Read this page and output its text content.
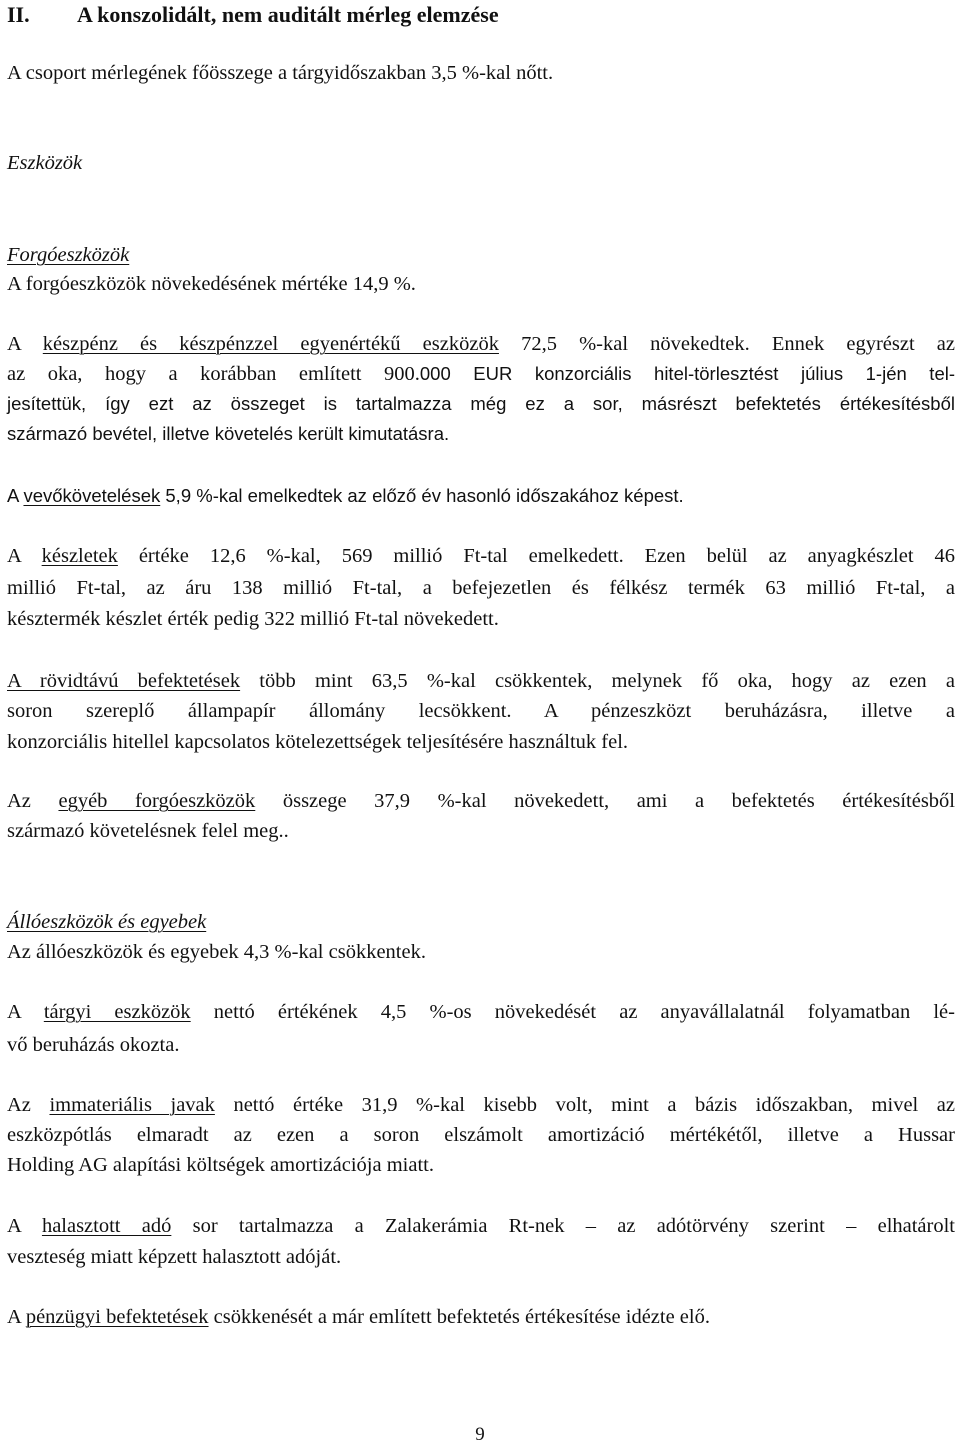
II. A konszolidált, nem auditált mérleg elemzése

A csoport mérlegének főösszege a tárgyidőszakban 3,5 %-kal nőtt.

Eszközök

Forgóeszközök

A forgóeszközök növekedésének mértéke 14,9 %.

A készpénz és készpénzzel egyenértékű eszközök 72,5 %-kal növekedtek. Ennek egyrészt az

az oka, hogy a korábban említett 900.000 EUR konzorciális hitel-törlesztést július 1-jén tel-

jesítettük, így ezt az összeget is tartalmazza még ez a sor, másrészt befektetés értékesítésből

származó bevétel, illetve követelés került kimutatásra.

A vevőkövetelések 5,9 %-kal emelkedtek az előző év hasonló időszakához képest.

A készletek értéke 12,6 %-kal, 569 millió Ft-tal emelkedett. Ezen belül az anyagkészlet 46

millió Ft-tal, az áru 138 millió Ft-tal, a befejezetlen és félkész termék 63 millió Ft-tal, a

késztermék készlet érték pedig 322 millió Ft-tal növekedett.

A rövidtávú befektetések több mint 63,5 %-kal csökkentek, melynek fő oka, hogy az ezen a

soron szereplő állampapír állomány lecsökkent. A pénzeszközt beruházásra, illetve a

konzorciális hitellel kapcsolatos kötelezettségek teljesítésére használtuk fel.

Az egyéb forgóeszközök összege 37,9 %-kal növekedett, ami a befektetés értékesítésből

származó követelésnek felel meg..

Állóeszközök és egyebek

Az állóeszközök és egyebek 4,3 %-kal csökkentek.

A tárgyi eszközök nettó értékének 4,5 %-os növekedését az anyavállalatnál folyamatban lé-

vő beruházás okozta.

Az immateriális javak nettó értéke 31,9 %-kal kisebb volt, mint a bázis időszakban, mivel az

eszközpótlás elmaradt az ezen a soron elszámolt amortizáció mértékétől, illetve a Hussar

Holding AG alapítási költségek amortizációja miatt.

A halasztott adó sor tartalmazza a Zalakerámia Rt-nek – az adótörvény szerint – elhatárolt

veszteség miatt képzett halasztott adóját.

A pénzügyi befektetések csökkenését a már említett befektetés értékesítése idézte elő.

9
